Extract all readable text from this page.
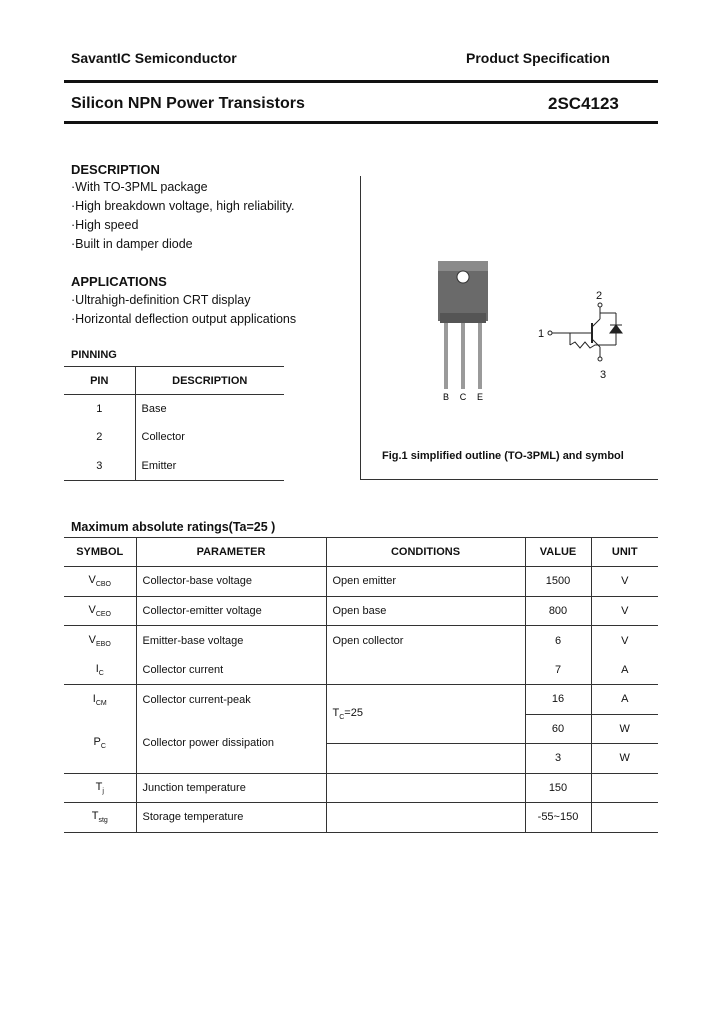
SavantIC Semiconductor	Product Specification
Silicon NPN Power Transistors	2SC4123
DESCRIPTION
·With TO-3PML package
·High breakdown voltage, high reliability.
·High speed
·Built in damper diode
APPLICATIONS
·Ultrahigh-definition CRT display
·Horizontal deflection output applications
PINNING
PIN	DESCRIPTION
1	Base
2	Collector
3	Emitter
B C E
1
2
3
Fig.1 simplified outline (TO-3PML) and symbol
Maximum absolute ratings(Ta=25 )
SYMBOL	PARAMETER	CONDITIONS	VALUE	UNIT
$V_{CBO}$	Collector-base voltage	Open emitter	1500	V
$V_{CEO}$	Collector-emitter voltage	Open base	800	V
$V_{EBO}$	Emitter-base voltage	Open collector	6	V
$I_C$	Collector current		7	A
$I_{CM}$	Collector current-peak	$T_C=25$	16	A
$P_C$	Collector power dissipation		60	W
			3	W
$T_j$	Junction temperature		150	
$T_{stg}$	Storage temperature		-55~150	
